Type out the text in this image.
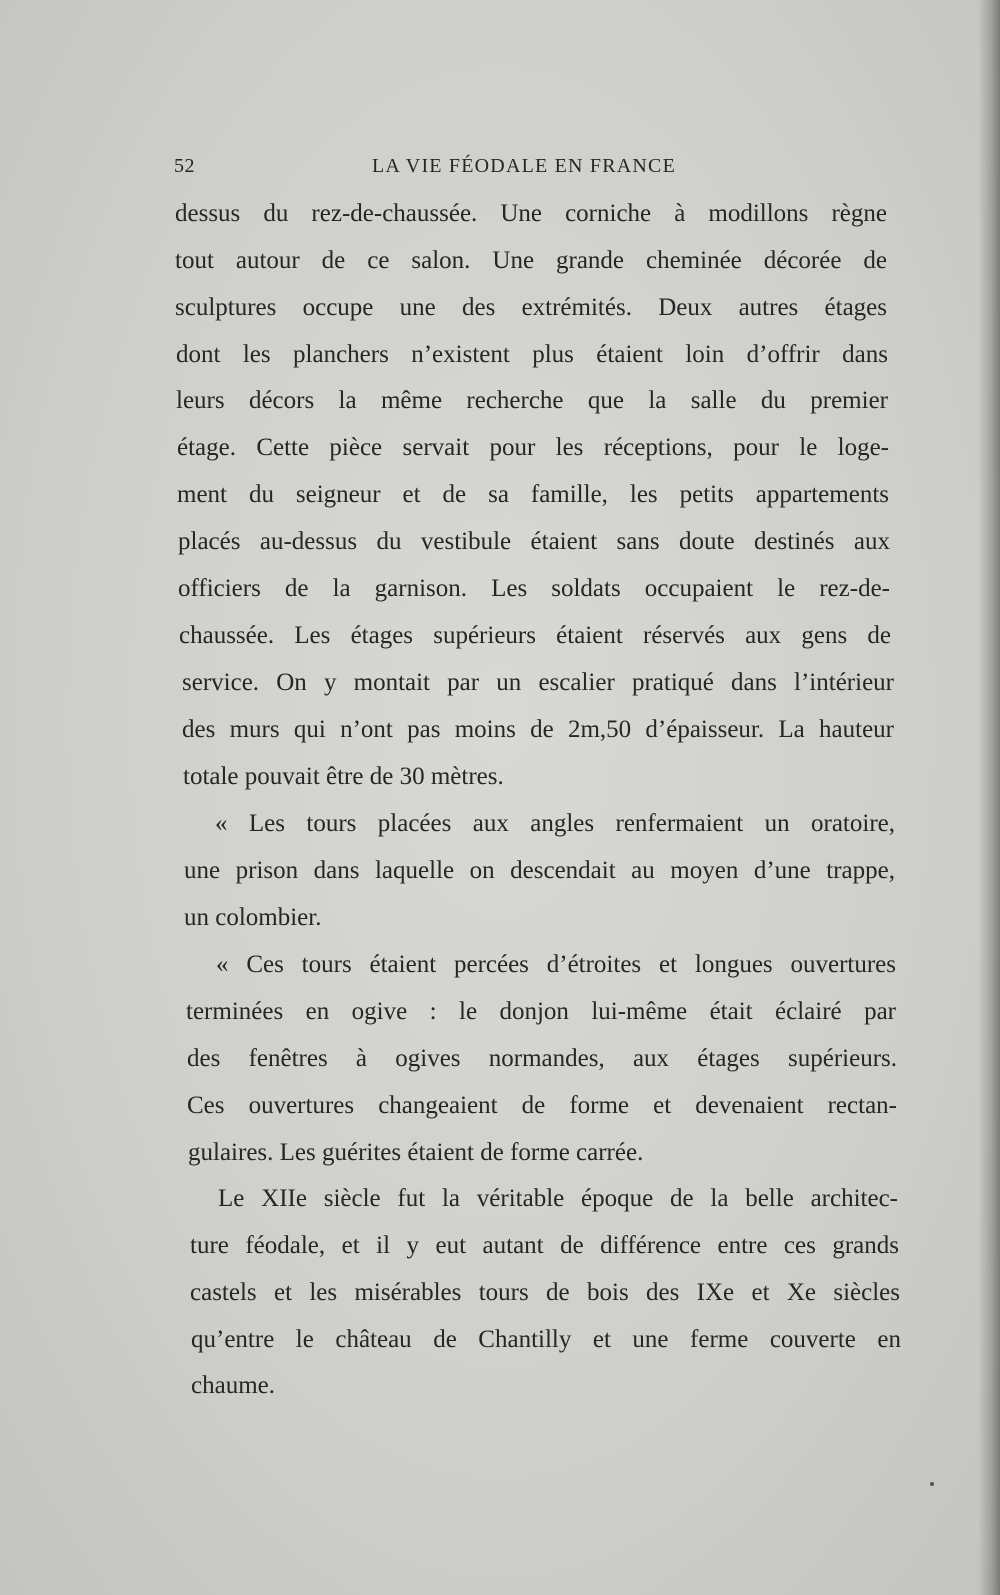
52	LA VIE FÉODALE EN FRANCE
dessus du rez-de-chaussée. Une corniche à modillons règne
tout autour de ce salon. Une grande cheminée décorée de
sculptures occupe une des extrémités. Deux autres étages
dont les planchers n’existent plus étaient loin d’offrir dans
leurs décors la même recherche que la salle du premier
étage. Cette pièce servait pour les réceptions, pour le loge-
ment du seigneur et de sa famille, les petits appartements
placés au-dessus du vestibule étaient sans doute destinés aux
officiers de la garnison. Les soldats occupaient le rez-de-
chaussée. Les étages supérieurs étaient réservés aux gens de
service. On y montait par un escalier pratiqué dans l’intérieur
des murs qui n’ont pas moins de 2m,50 d’épaisseur. La hauteur
totale pouvait être de 30 mètres.
« Les tours placées aux angles renfermaient un oratoire,
une prison dans laquelle on descendait au moyen d’une trappe,
un colombier.
« Ces tours étaient percées d’étroites et longues ouvertures
terminées en ogive : le donjon lui-même était éclairé par
des fenêtres à ogives normandes, aux étages supérieurs.
Ces ouvertures changeaient de forme et devenaient rectan-
gulaires. Les guérites étaient de forme carrée.
Le XIIe siècle fut la véritable époque de la belle architec-
ture féodale, et il y eut autant de différence entre ces grands
castels et les misérables tours de bois des IXe et Xe siècles
qu’entre le château de Chantilly et une ferme couverte en
chaume.
